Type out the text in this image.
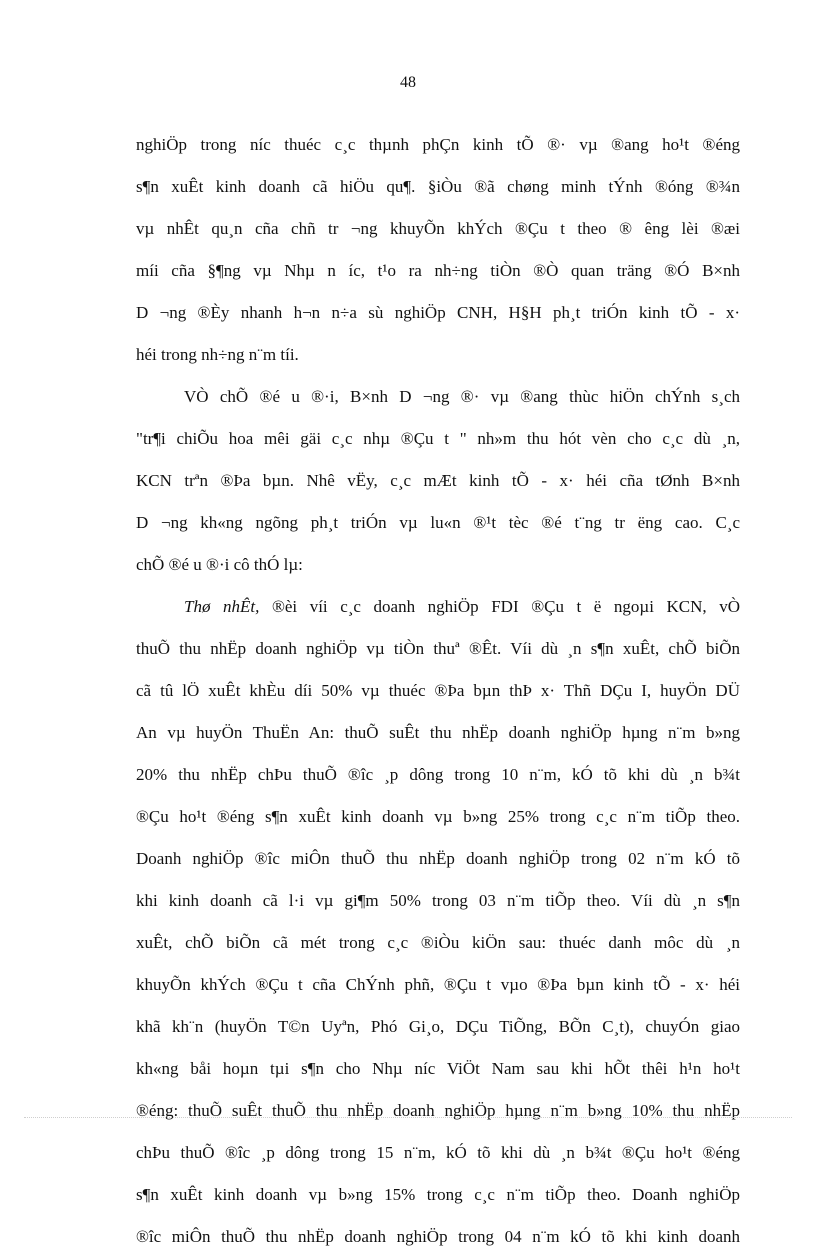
48
nghiÖp trong níc thuéc c¸c thµnh phÇn kinh tÕ ®· vµ ®ang ho¹t ®éng
s¶n xuÊt kinh doanh cã hiÖu qu¶. §iÒu ®ã chøng minh tÝnh ®óng ®¾n
vµ nhÊt qu¸n cña chñ tr ¬ng khuyÕn khÝch ®Çu t theo ® êng lèi ®æi
míi cña §¶ng vµ Nhµ n íc, t¹o ra nh÷ng tiÒn ®Ò quan träng ®Ó B×nh
D ¬ng ®Èy nhanh h¬n n÷a sù nghiÖp CNH, H§H ph¸t triÓn kinh tÕ - x·
héi trong nh÷ng n¨m tíi.
VÒ chÕ ®é u ®·i, B×nh D ¬ng ®· vµ ®ang thùc hiÖn chÝnh s¸ch
"tr¶i chiÕu hoa mêi gäi c¸c nhµ ®Çu t " nh»m thu hót vèn cho c¸c dù ¸n,
KCN trªn ®Þa bµn. Nhê vËy, c¸c mÆt kinh tÕ - x· héi cña tØnh B×nh
D ¬ng kh«ng ngõng ph¸t triÓn vµ lu«n ®¹t tèc ®é t¨ng tr ëng cao. C¸c
chÕ ®é u ®·i cô thÓ lµ:
Thø nhÊt, ®èi víi c¸c doanh nghiÖp FDI ®Çu t ë ngoµi KCN, vÒ
thuÕ thu nhËp doanh nghiÖp vµ tiÒn thuª ®Êt. Víi dù ¸n s¶n xuÊt, chÕ biÕn
cã tû lÖ xuÊt khÈu díi 50% vµ thuéc ®Þa bµn thÞ x· Thñ DÇu I, huyÖn DÜ
An vµ huyÖn ThuËn An: thuÕ suÊt thu nhËp doanh nghiÖp hµng n¨m b»ng
20% thu nhËp chÞu thuÕ ®îc ¸p dông trong 10 n¨m, kÓ tõ khi dù ¸n b¾t
®Çu ho¹t ®éng s¶n xuÊt kinh doanh vµ b»ng 25% trong c¸c n¨m tiÕp theo.
Doanh nghiÖp ®îc miÔn thuÕ thu nhËp doanh nghiÖp trong 02 n¨m kÓ tõ
khi kinh doanh cã l·i vµ gi¶m 50% trong 03 n¨m tiÕp theo. Víi dù ¸n s¶n
xuÊt, chÕ biÕn cã mét trong c¸c ®iÒu kiÖn sau: thuéc danh môc dù ¸n
khuyÕn khÝch ®Çu t cña ChÝnh phñ, ®Çu t vµo ®Þa bµn kinh tÕ - x· héi
khã kh¨n (huyÖn T©n Uyªn, Phó Gi¸o, DÇu TiÕng, BÕn C¸t), chuyÓn giao
kh«ng båi hoµn tµi s¶n cho Nhµ níc ViÖt Nam sau khi hÕt thêi h¹n ho¹t
®éng: thuÕ suÊt thuÕ thu nhËp doanh nghiÖp hµng n¨m b»ng 10% thu nhËp
chÞu thuÕ ®îc ¸p dông trong 15 n¨m, kÓ tõ khi dù ¸n b¾t ®Çu ho¹t ®éng
s¶n xuÊt kinh doanh vµ b»ng 15% trong c¸c n¨m tiÕp theo. Doanh nghiÖp
®îc miÔn thuÕ thu nhËp doanh nghiÖp trong 04 n¨m kÓ tõ khi kinh doanh
